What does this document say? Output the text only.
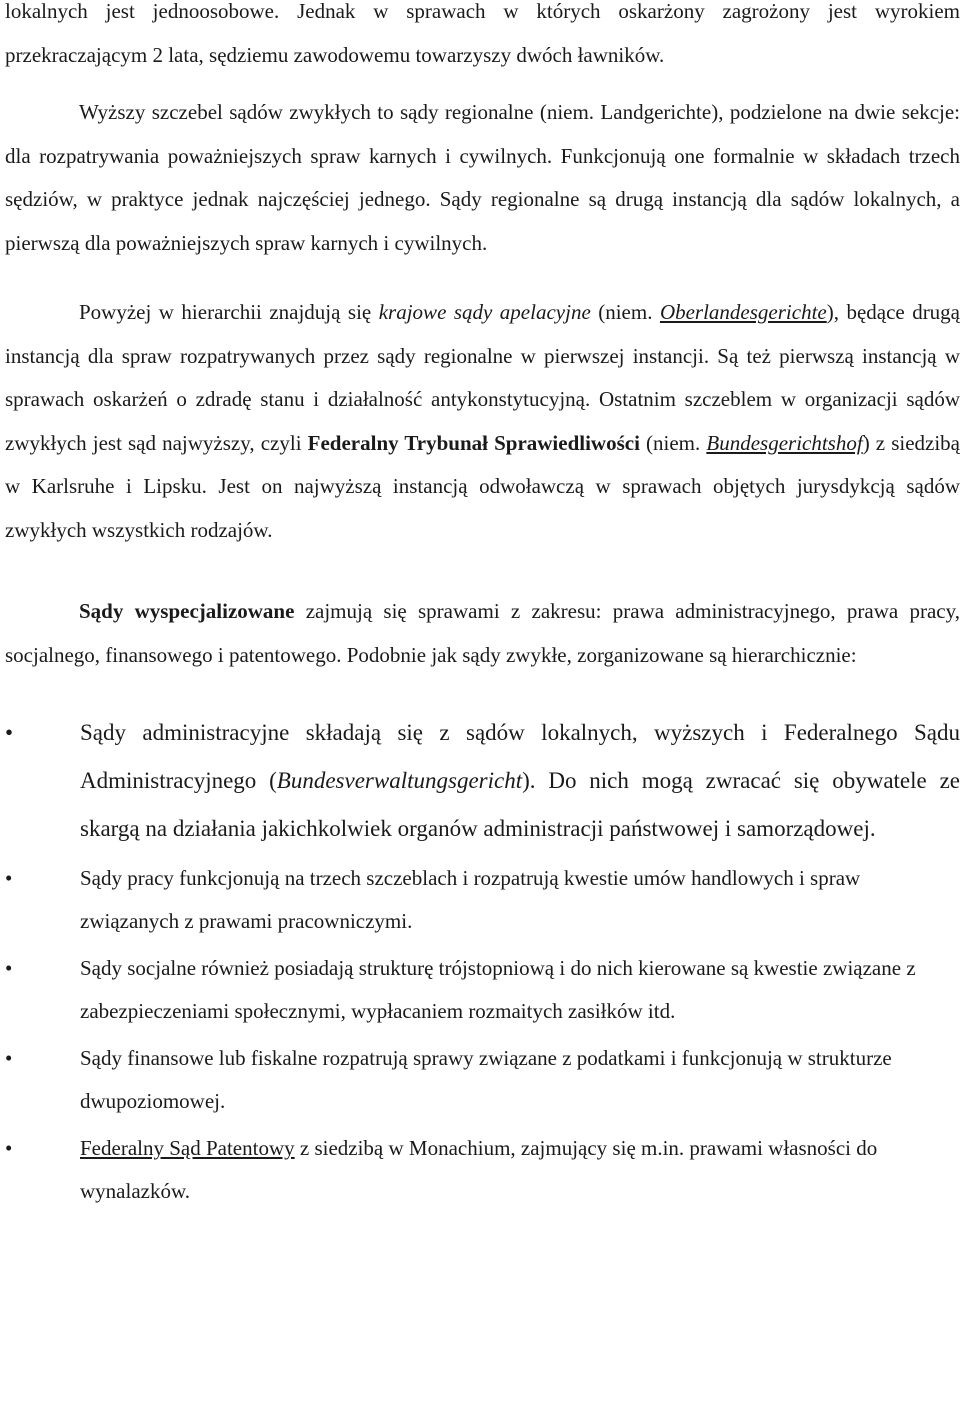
lokalnych jest jednoosobowe. Jednak w sprawach w których oskarżony zagrożony jest wyrokiem przekraczającym 2 lata, sędziemu zawodowemu towarzyszy dwóch ławników.

Wyższy szczebel sądów zwykłych to sądy regionalne (niem. Landgerichte), podzielone na dwie sekcje: dla rozpatrywania poważniejszych spraw karnych i cywilnych. Funkcjonują one formalnie w składach trzech sędziów, w praktyce jednak najczęściej jednego. Sądy regionalne są drugą instancją dla sądów lokalnych, a pierwszą dla poważniejszych spraw karnych i cywilnych.

Powyżej w hierarchii znajdują się krajowe sądy apelacyjne (niem. Oberlandesgerichte), będące drugą instancją dla spraw rozpatrywanych przez sądy regionalne w pierwszej instancji. Są też pierwszą instancją w sprawach oskarżeń o zdradę stanu i działalność antykonstytucyjną. Ostatnim szczeblem w organizacji sądów zwykłych jest sąd najwyższy, czyli Federalny Trybunał Sprawiedliwości (niem. Bundesgerichtshof) z siedzibą w Karlsruhe i Lipsku. Jest on najwyższą instancją odwoławczą w sprawach objętych jurysdykcją sądów zwykłych wszystkich rodzajów.

Sądy wyspecjalizowane zajmują się sprawami z zakresu: prawa administracyjnego, prawa pracy, socjalnego, finansowego i patentowego. Podobnie jak sądy zwykłe, zorganizowane są hierarchicznie:

•	Sądy administracyjne składają się z sądów lokalnych, wyższych i Federalnego Sądu Administracyjnego (Bundesverwaltungsgericht). Do nich mogą zwracać się obywatele ze skargą na działania jakichkolwiek organów administracji państwowej i samorządowej.
•	Sądy pracy funkcjonują na trzech szczeblach i rozpatrują kwestie umów handlowych i spraw związanych z prawami pracowniczymi.
•	Sądy socjalne również posiadają strukturę trójstopniową i do nich kierowane są kwestie związane z zabezpieczeniami społecznymi, wypłacaniem rozmaitych zasiłków itd.
•	Sądy finansowe lub fiskalne rozpatrują sprawy związane z podatkami i funkcjonują w strukturze dwupoziomowej.
•	Federalny Sąd Patentowy z siedzibą w Monachium, zajmujący się m.in. prawami własności do wynalazków.
